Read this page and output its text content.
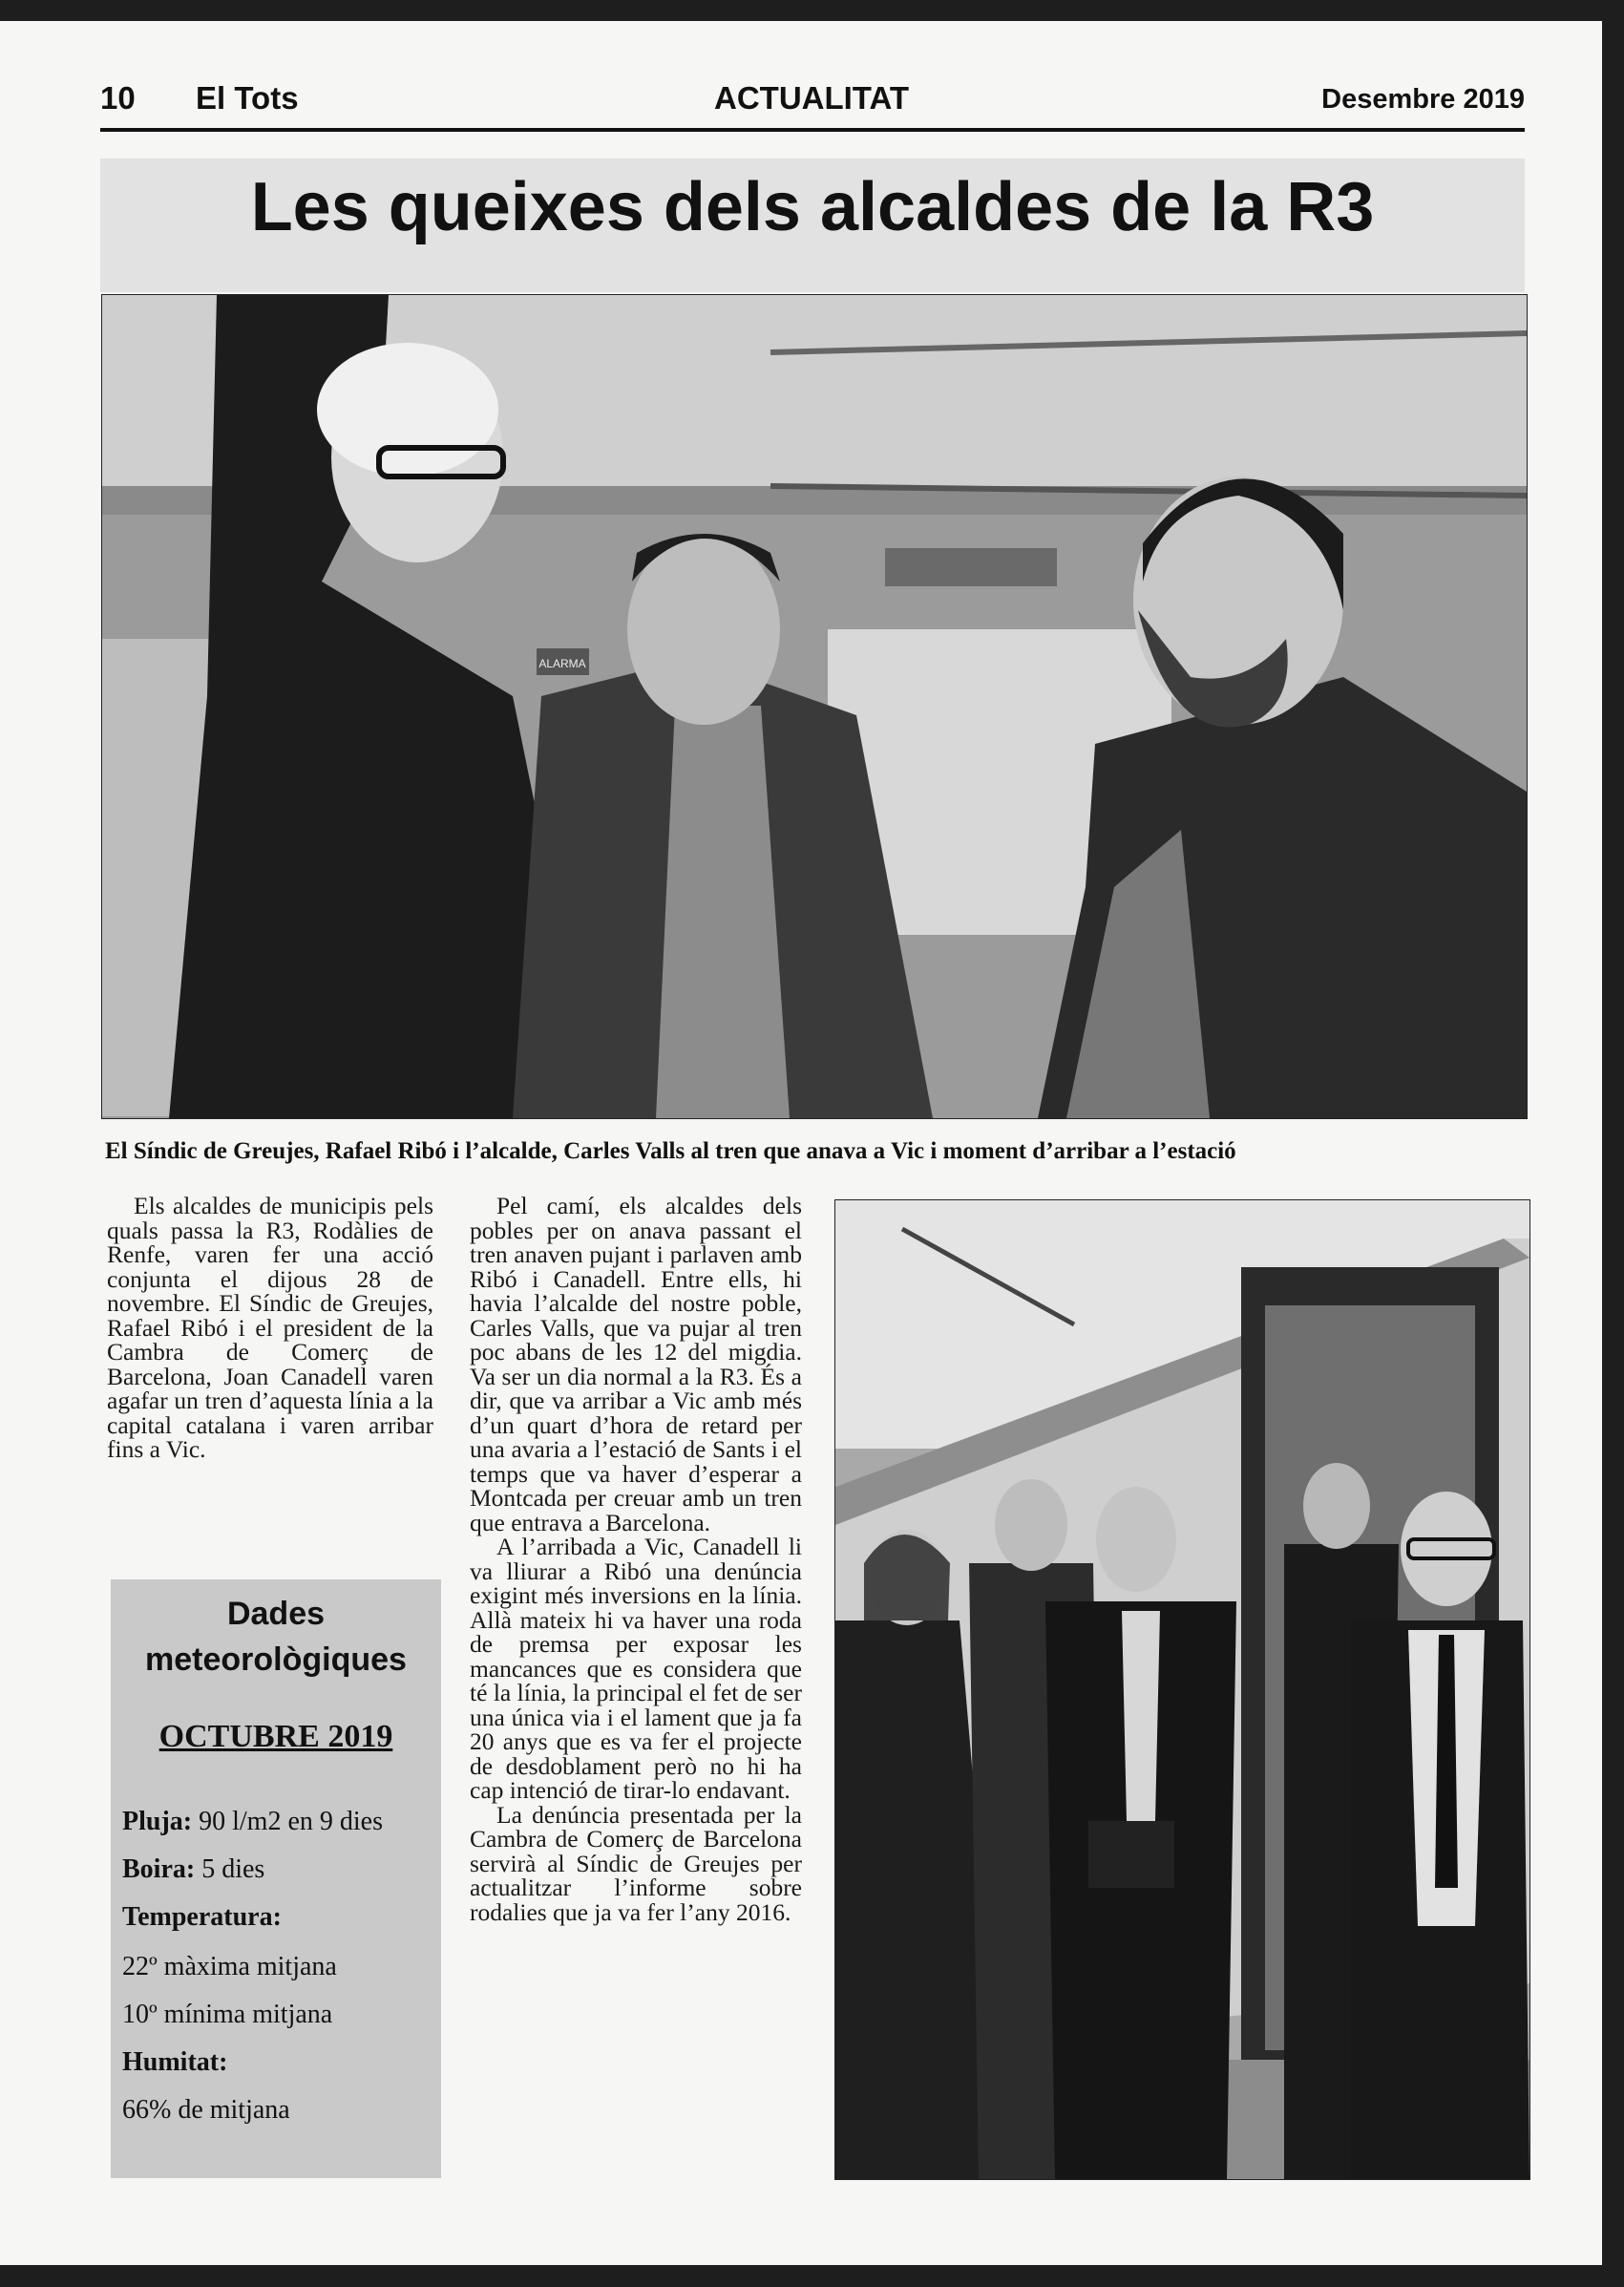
10 El Tots	ACTUALITAT	Desembre 2019
Les queixes dels alcaldes de la R3
ALARMA
El Síndic de Greujes, Rafael Ribó i l’alcalde, Carles Valls al tren que anava a Vic i moment d’arribar a l’estació

Els alcaldes de municipis pels quals passa la R3, Rodàlies de Renfe, varen fer una acció conjunta el dijous 28 de novembre. El Síndic de Greujes, Rafael Ribó i el president de la Cambra de Comerç de Barcelona, Joan Canadell varen agafar un tren d’aquesta línia a la capital catalana i varen arribar fins a Vic.

Pel camí, els alcaldes dels pobles per on anava passant el tren anaven pujant i parlaven amb Ribó i Canadell. Entre ells, hi havia l’alcalde del nostre poble, Carles Valls, que va pujar al tren poc abans de les 12 del migdia. Va ser un dia normal a la R3. És a dir, que va arribar a Vic amb més d’un quart d’hora de retard per una avaria a l’estació de Sants i el temps que va haver d’esperar a Montcada per creuar amb un tren que entrava a Barcelona.

A l’arribada a Vic, Canadell li va lliurar a Ribó una denúncia exigint més inversions en la línia. Allà mateix hi va haver una roda de premsa per exposar les mancances que es considera que té la línia, la principal el fet de ser una única via i el lament que ja fa 20 anys que es va fer el projecte de desdoblament però no hi ha cap intenció de tirar-lo endavant.

La denúncia presentada per la Cambra de Comerç de Barcelona servirà al Síndic de Greujes per actualitzar l’informe sobre rodalies que ja va fer l’any 2016.

Dades
meteorològiques
OCTUBRE 2019
Pluja: 90 l/m2 en 9 dies
Boira: 5 dies
Temperatura:
22º màxima mitjana
10º mínima mitjana
Humitat:
66% de mitjana
